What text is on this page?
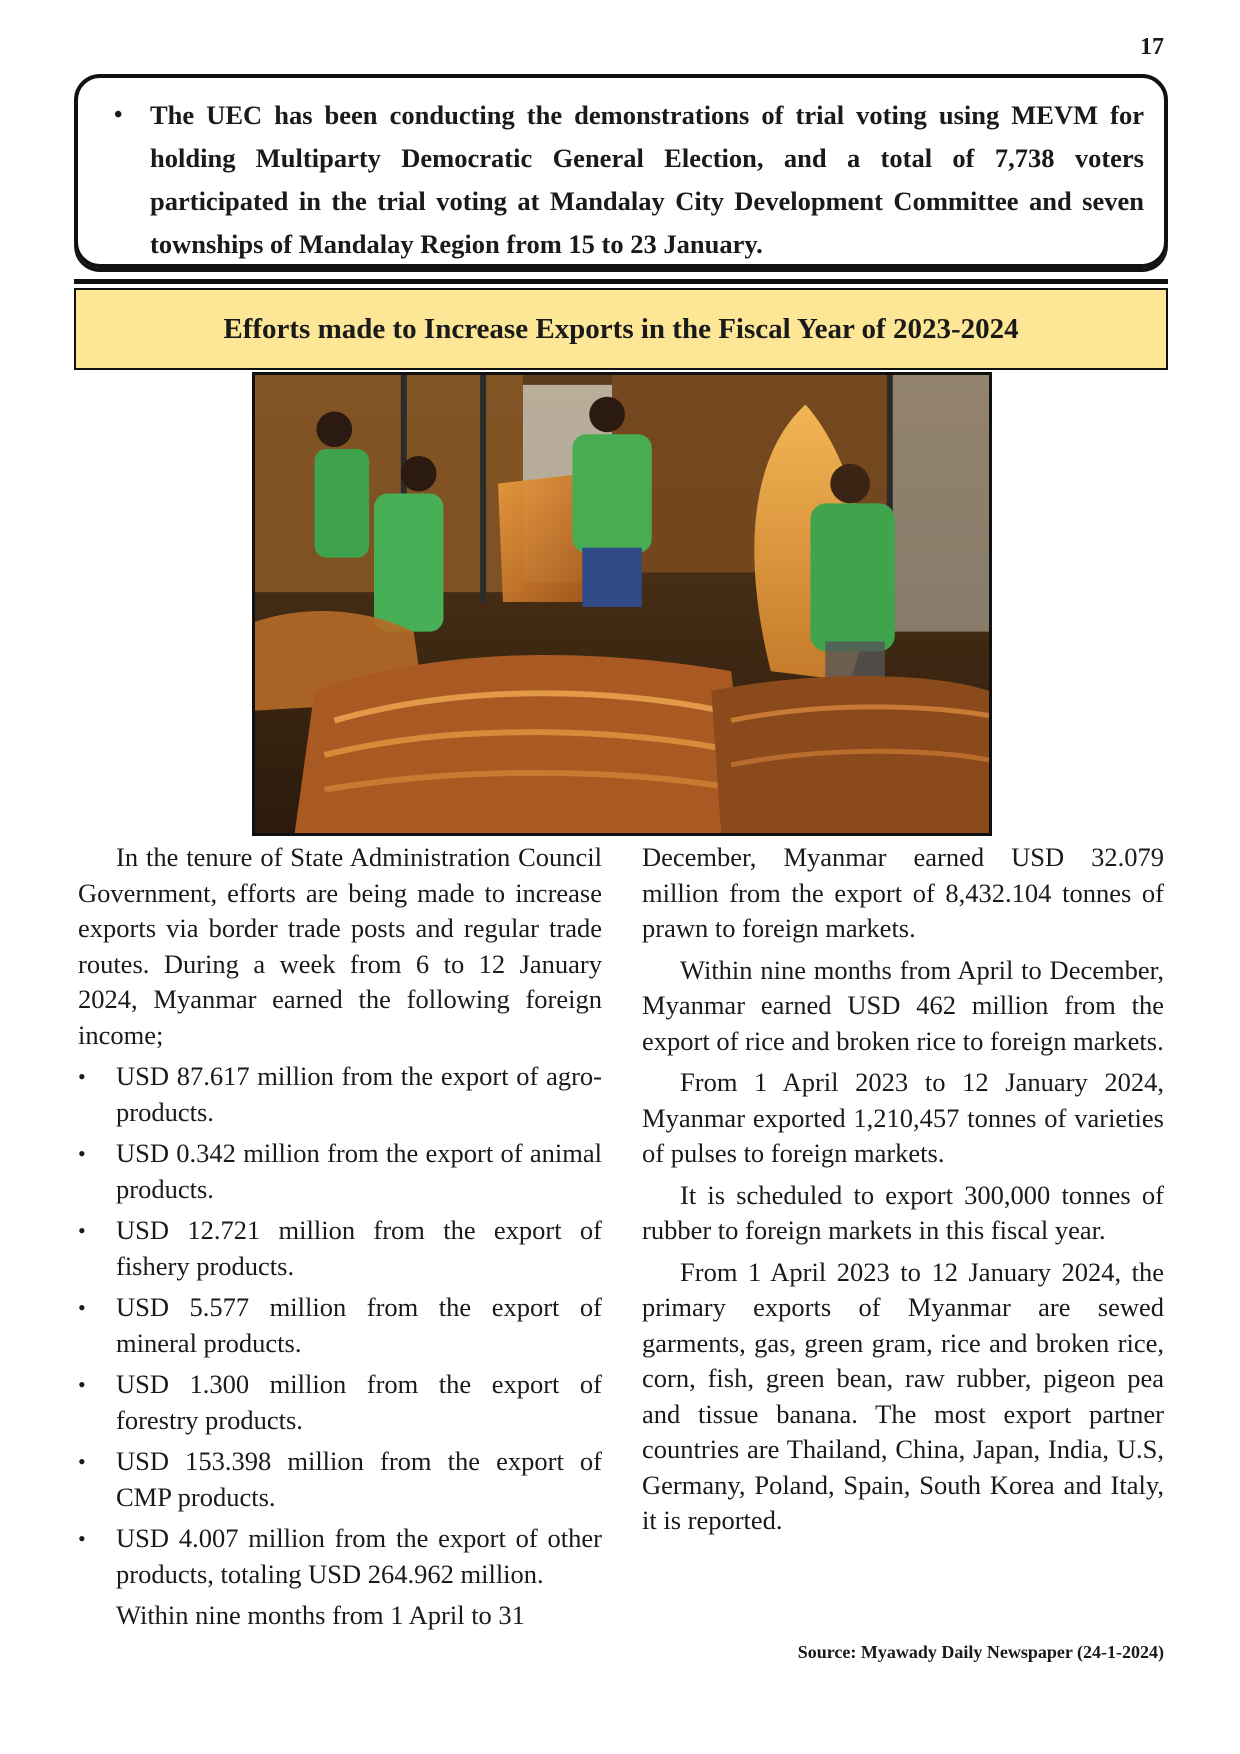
17
• The UEC has been conducting the demonstrations of trial voting using MEVM for holding Multiparty Democratic General Election, and a total of 7,738 voters participated in the trial voting at Mandalay City Development Committee and seven townships of Mandalay Region from 15 to 23 January.
Efforts made to Increase Exports in the Fiscal Year of 2023-2024

In the tenure of State Administration Council Government, efforts are being made to increase exports via border trade posts and regular trade routes. During a week from 6 to 12 January 2024, Myanmar earned the following foreign income;

• USD 87.617 million from the export of agro-products.
• USD 0.342 million from the export of animal products.
• USD 12.721 million from the export of fishery products.
• USD 5.577 million from the export of mineral products.
• USD 1.300 million from the export of forestry products.
• USD 153.398 million from the export of CMP products.
• USD 4.007 million from the export of other products, totaling USD 264.962 million.

Within nine months from 1 April to 31

December, Myanmar earned USD 32.079 million from the export of 8,432.104 tonnes of prawn to foreign markets.

Within nine months from April to December, Myanmar earned USD 462 million from the export of rice and broken rice to foreign markets.

From 1 April 2023 to 12 January 2024, Myanmar exported 1,210,457 tonnes of varieties of pulses to foreign markets.

It is scheduled to export 300,000 tonnes of rubber to foreign markets in this fiscal year.

From 1 April 2023 to 12 January 2024, the primary exports of Myanmar are sewed garments, gas, green gram, rice and broken rice, corn, fish, green bean, raw rubber, pigeon pea and tissue banana. The most export partner countries are Thailand, China, Japan, India, U.S, Germany, Poland, Spain, South Korea and Italy, it is reported.

Source: Myawady Daily Newspaper (24-1-2024)
